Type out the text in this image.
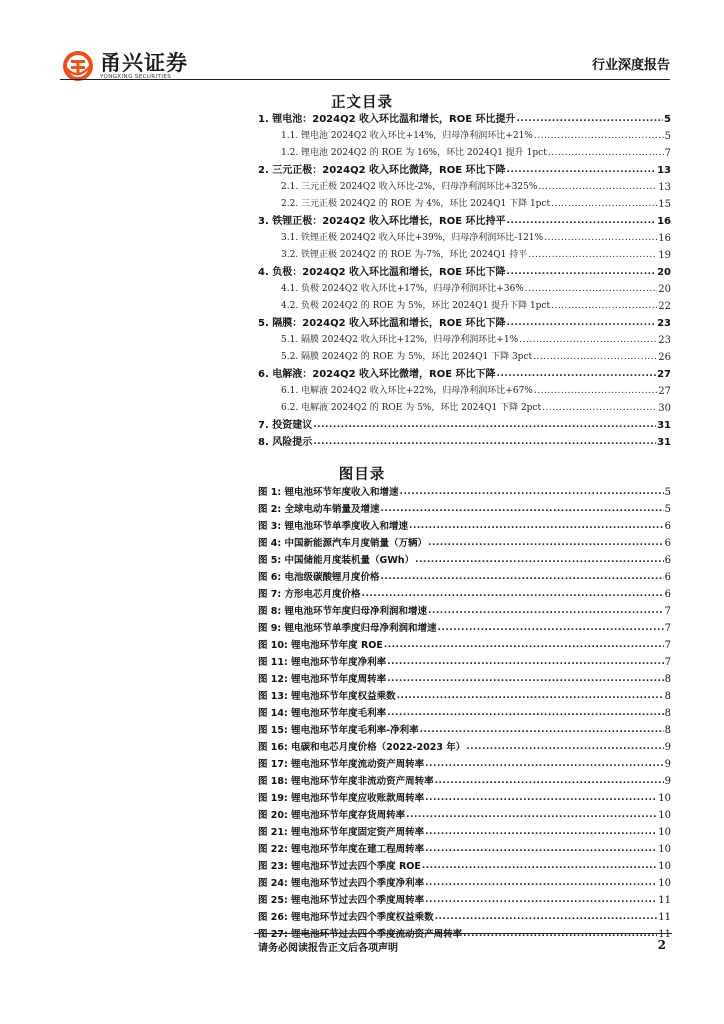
甬兴证券
YONGXING SECURITIES
行业深度报告
正文目录
1. 锂电池：2024Q2 收入环比温和增长，ROE 环比提升 .....	5
1.1. 锂电池 2024Q2 收入环比+14%，归母净利润环比+21% .....	5
1.2. 锂电池 2024Q2 的 ROE 为 16%，环比 2024Q1 提升 1pct .....	7
2. 三元正极：2024Q2 收入环比微降，ROE 环比下降 .....	13
2.1. 三元正极 2024Q2 收入环比-2%，归母净利润环比+325% .....	13
2.2. 三元正极 2024Q2 的 ROE 为 4%，环比 2024Q1 下降 1pct .....	15
3. 铁锂正极：2024Q2 收入环比增长，ROE 环比持平 .....	16
3.1. 铁锂正极 2024Q2 收入环比+39%，归母净利润环比-121% .....	16
3.2. 铁锂正极 2024Q2 的 ROE 为-7%，环比 2024Q1 持平 .....	19
4. 负极：2024Q2 收入环比温和增长，ROE 环比下降 .....	20
4.1. 负极 2024Q2 收入环比+17%，归母净利润环比+36% .....	20
4.2. 负极 2024Q2 的 ROE 为 5%，环比 2024Q1 提升下降 1pct .....	22
5. 隔膜：2024Q2 收入环比温和增长，ROE 环比下降 .....	23
5.1. 隔膜 2024Q2 收入环比+12%，归母净利润环比+1% .....	23
5.2. 隔膜 2024Q2 的 ROE 为 5%，环比 2024Q1 下降 3pct .....	26
6. 电解液：2024Q2 收入环比微增，ROE 环比下降 .....	27
6.1. 电解液 2024Q2 收入环比+22%，归母净利润环比+67% .....	27
6.2. 电解液 2024Q2 的 ROE 为 5%，环比 2024Q1 下降 2pct .....	30
7. 投资建议 .....	31
8. 风险提示 .....	31
图目录
图 1: 锂电池环节年度收入和增速 .....	5
图 2: 全球电动车销量及增速 .....	5
图 3: 锂电池环节单季度收入和增速 .....	6
图 4: 中国新能源汽车月度销量（万辆） .....	6
图 5: 中国储能月度装机量（GWh） .....	6
图 6: 电池级碳酸锂月度价格 .....	6
图 7: 方形电芯月度价格 .....	6
图 8: 锂电池环节年度归母净利润和增速 .....	7
图 9: 锂电池环节单季度归母净利润和增速 .....	7
图 10: 锂电池环节年度 ROE .....	7
图 11: 锂电池环节年度净利率 .....	7
图 12: 锂电池环节年度周转率 .....	8
图 13: 锂电池环节年度权益乘数 .....	8
图 14: 锂电池环节年度毛利率 .....	8
图 15: 锂电池环节年度毛利率-净利率 .....	8
图 16: 电碳和电芯月度价格（2022-2023 年） .....	9
图 17: 锂电池环节年度流动资产周转率 .....	9
图 18: 锂电池环节年度非流动资产周转率 .....	9
图 19: 锂电池环节年度应收账款周转率 .....	10
图 20: 锂电池环节年度存货周转率 .....	10
图 21: 锂电池环节年度固定资产周转率 .....	10
图 22: 锂电池环节年度在建工程周转率 .....	10
图 23: 锂电池环节过去四个季度 ROE .....	10
图 24: 锂电池环节过去四个季度净利率 .....	10
图 25: 锂电池环节过去四个季度周转率 .....	11
图 26: 锂电池环节过去四个季度权益乘数 .....	11
图 27: 锂电池环节过去四个季度流动资产周转率 .....	11
请务必阅读报告正文后各项声明	2
